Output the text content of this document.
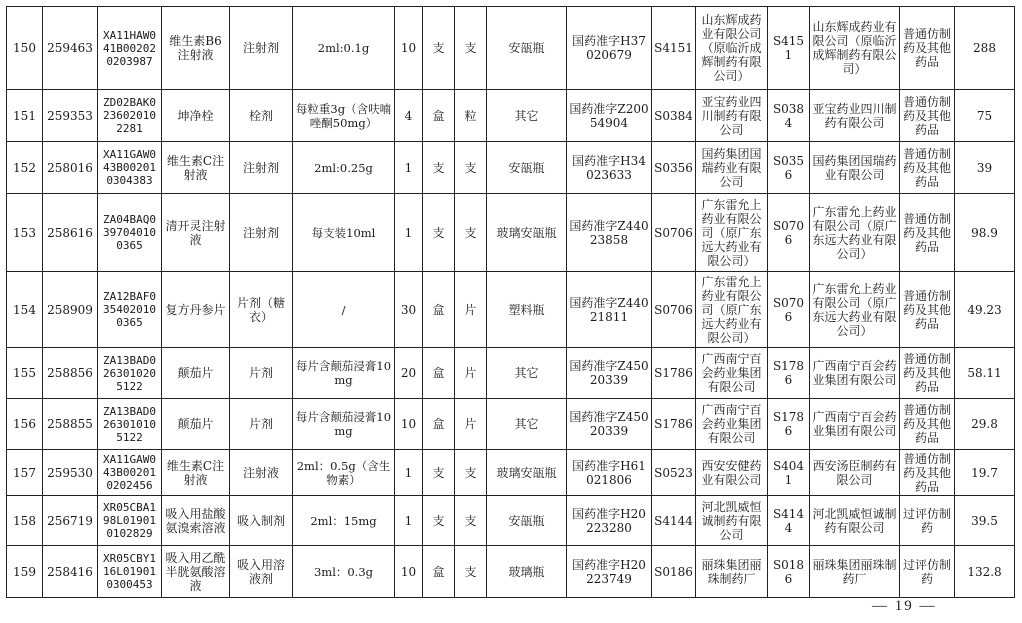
150	259463	XA11HAW041B002020203987	维生素B6注射液	注射剂	2ml:0.1g	10	支	支	安瓿瓶	国药准字H37020679	S4151	山东辉成药业有限公司（原临沂成辉制药有限公司）	S4151	山东辉成药业有限公司（原临沂成辉制药有限公司）	普通仿制药及其他药品	288
151	259353	ZD02BAK0236020102281	坤净栓	栓剂	每粒重3g（含呋喃唑酮50mg）	4	盒	粒	其它	国药准字Z20054904	S0384	亚宝药业四川制药有限公司	S0384	亚宝药业四川制药有限公司	普通仿制药及其他药品	75
152	258016	XA11GAW043B002010304383	维生素C注射液	注射剂	2ml:0.25g	1	支	支	安瓿瓶	国药准字H34023633	S0356	国药集团国瑞药业有限公司	S0356	国药集团国瑞药业有限公司	普通仿制药及其他药品	39
153	258616	ZA04BAQ0397040100365	清开灵注射液	注射剂	每支装10ml	1	支	支	玻璃安瓿瓶	国药准字Z44023858	S0706	广东雷允上药业有限公司（原广东远大药业有限公司）	S0706	广东雷允上药业有限公司（原广东远大药业有限公司）	普通仿制药及其他药品	98.9
154	258909	ZA12BAF0354020100365	复方丹参片	片剂（糖衣）	/	30	盒	片	塑料瓶	国药准字Z44021811	S0706	广东雷允上药业有限公司（原广东远大药业有限公司）	S0706	广东雷允上药业有限公司（原广东远大药业有限公司）	普通仿制药及其他药品	49.23
155	258856	ZA13BAD0263010205122	颠茄片	片剂	每片含颠茄浸膏10mg	20	盒	片	其它	国药准字Z45020339	S1786	广西南宁百会药业集团有限公司	S1786	广西南宁百会药业集团有限公司	普通仿制药及其他药品	58.11
156	258855	ZA13BAD0263010105122	颠茄片	片剂	每片含颠茄浸膏10mg	10	盒	片	其它	国药准字Z45020339	S1786	广西南宁百会药业集团有限公司	S1786	广西南宁百会药业集团有限公司	普通仿制药及其他药品	29.8
157	259530	XA11GAW043B002010202456	维生素C注射液	注射液	2ml：0.5g（含生物素）	1	支	支	玻璃安瓿瓶	国药准字H61021806	S0523	西安安健药业有限公司	S4041	西安汤臣制药有限公司	普通仿制药及其他药品	19.7
158	256719	XR05CBA198L019010102829	吸入用盐酸氨溴索溶液	吸入制剂	2ml：15mg	1	支	支	安瓿瓶	国药准字H20223280	S4144	河北凯威恒诚制药有限公司	S4144	河北凯威恒诚制药有限公司	过评仿制药	39.5
159	258416	XR05CBY116L019010300453	吸入用乙酰半胱氨酸溶液	吸入用溶液剂	3ml：0.3g	10	盒	支	玻璃瓶	国药准字H20223749	S0186	丽珠集团丽珠制药厂	S0186	丽珠集团丽珠制药厂	过评仿制药	132.8
— 19 —
